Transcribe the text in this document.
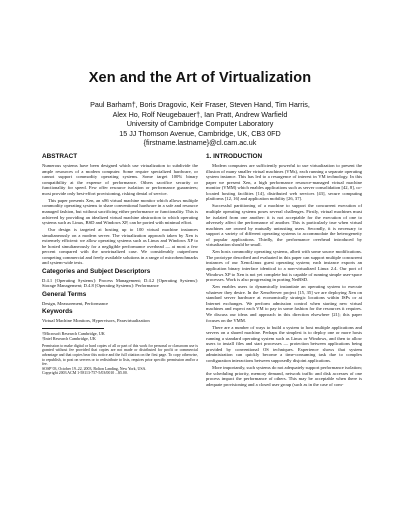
Xen and the Art of Virtualization
Paul Barham†, Boris Dragovic, Keir Fraser, Steven Hand, Tim Harris,
Alex Ho, Rolf Neugebauer†, Ian Pratt, Andrew Warfield
University of Cambridge Computer Laboratory
15 JJ Thomson Avenue, Cambridge, UK, CB3 0FD
{firstname.lastname}@cl.cam.ac.uk
ABSTRACT

Numerous systems have been designed which use virtualization to subdivide the ample resources of a modern computer. Some require specialized hardware, or cannot support commodity operating systems. Some target 100% binary compatibility at the expense of performance. Others sacrifice security or functionality for speed. Few offer resource isolation or performance guarantees; most provide only best-effort provisioning, risking denial of service.

This paper presents Xen, an x86 virtual machine monitor which allows multiple commodity operating systems to share conventional hardware in a safe and resource managed fashion, but without sacrificing either performance or functionality. This is achieved by providing an idealized virtual machine abstraction to which operating systems such as Linux, BSD and Windows XP, can be ported with minimal effort.

Our design is targeted at hosting up to 100 virtual machine instances simultaneously on a modern server. The virtualization approach taken by Xen is extremely efficient: we allow operating systems such as Linux and Windows XP to be hosted simultaneously for a negligible performance overhead — at most a few percent compared with the unvirtualized case. We considerably outperform competing commercial and freely available solutions in a range of microbenchmarks and system-wide tests.

Categories and Subject Descriptors

D.4.1 [Operating Systems]: Process Management; D.4.2 [Operating Systems]: Storage Management; D.4.8 [Operating Systems]: Performance

General Terms

Design, Measurement, Performance

Keywords

Virtual Machine Monitors, Hypervisors, Paravirtualization

†Microsoft Research Cambridge, UK

†Intel Research Cambridge, UK

Permission to make digital or hard copies of all or part of this work for personal or classroom use is granted without fee provided that copies are not made or distributed for profit or commercial advantage and that copies bear this notice and the full citation on the first page. To copy otherwise, to republish, to post on servers or to redistribute to lists, requires prior specific permission and/or a fee.

SOSP’03, October 19–22, 2003, Bolton Landing, New York, USA.

Copyright 2003 ACM 1-58113-757-5/03/0010 ...$5.00.

1. INTRODUCTION

Modern computers are sufficiently powerful to use virtualization to present the illusion of many smaller virtual machines (VMs), each running a separate operating system instance. This has led to a resurgence of interest in VM technology. In this paper we present Xen, a high performance resource-managed virtual machine monitor (VMM) which enables applications such as server consolidation [42, 8], co-located hosting facilities [14], distributed web services [43], secure computing platforms [12, 16] and application mobility [26, 37].

Successful partitioning of a machine to support the concurrent execution of multiple operating systems poses several challenges. Firstly, virtual machines must be isolated from one another: it is not acceptable for the execution of one to adversely affect the performance of another. This is particularly true when virtual machines are owned by mutually untrusting users. Secondly, it is necessary to support a variety of different operating systems to accommodate the heterogeneity of popular applications. Thirdly, the performance overhead introduced by virtualization should be small.

Xen hosts commodity operating systems, albeit with some source modifications. The prototype described and evaluated in this paper can support multiple concurrent instances of our XenoLinux guest operating system; each instance exports an application binary interface identical to a non-virtualized Linux 2.4. Our port of Windows XP to Xen is not yet complete but is capable of running simple user-space processes. Work is also progressing in porting NetBSD.

Xen enables users to dynamically instantiate an operating system to execute whatever they desire. In the XenoServer project [15, 35] we are deploying Xen on standard server hardware at economically strategic locations within ISPs or at Internet exchanges. We perform admission control when starting new virtual machines and expect each VM to pay in some fashion for the resources it requires. We discuss our ideas and approach in this direction elsewhere [21]; this paper focuses on the VMM.

There are a number of ways to build a system to host multiple applications and servers on a shared machine. Perhaps the simplest is to deploy one or more hosts running a standard operating system such as Linux or Windows, and then to allow users to install files and start processes — protection between applications being provided by conventional OS techniques. Experience shows that system administration can quickly become a time-consuming task due to complex configuration interactions between supposedly disjoint applications.

More importantly, such systems do not adequately support performance isolation; the scheduling priority, memory demand, network traffic and disk accesses of one process impact the performance of others. This may be acceptable when there is adequate provisioning and a closed user group (such as in the case of com-
